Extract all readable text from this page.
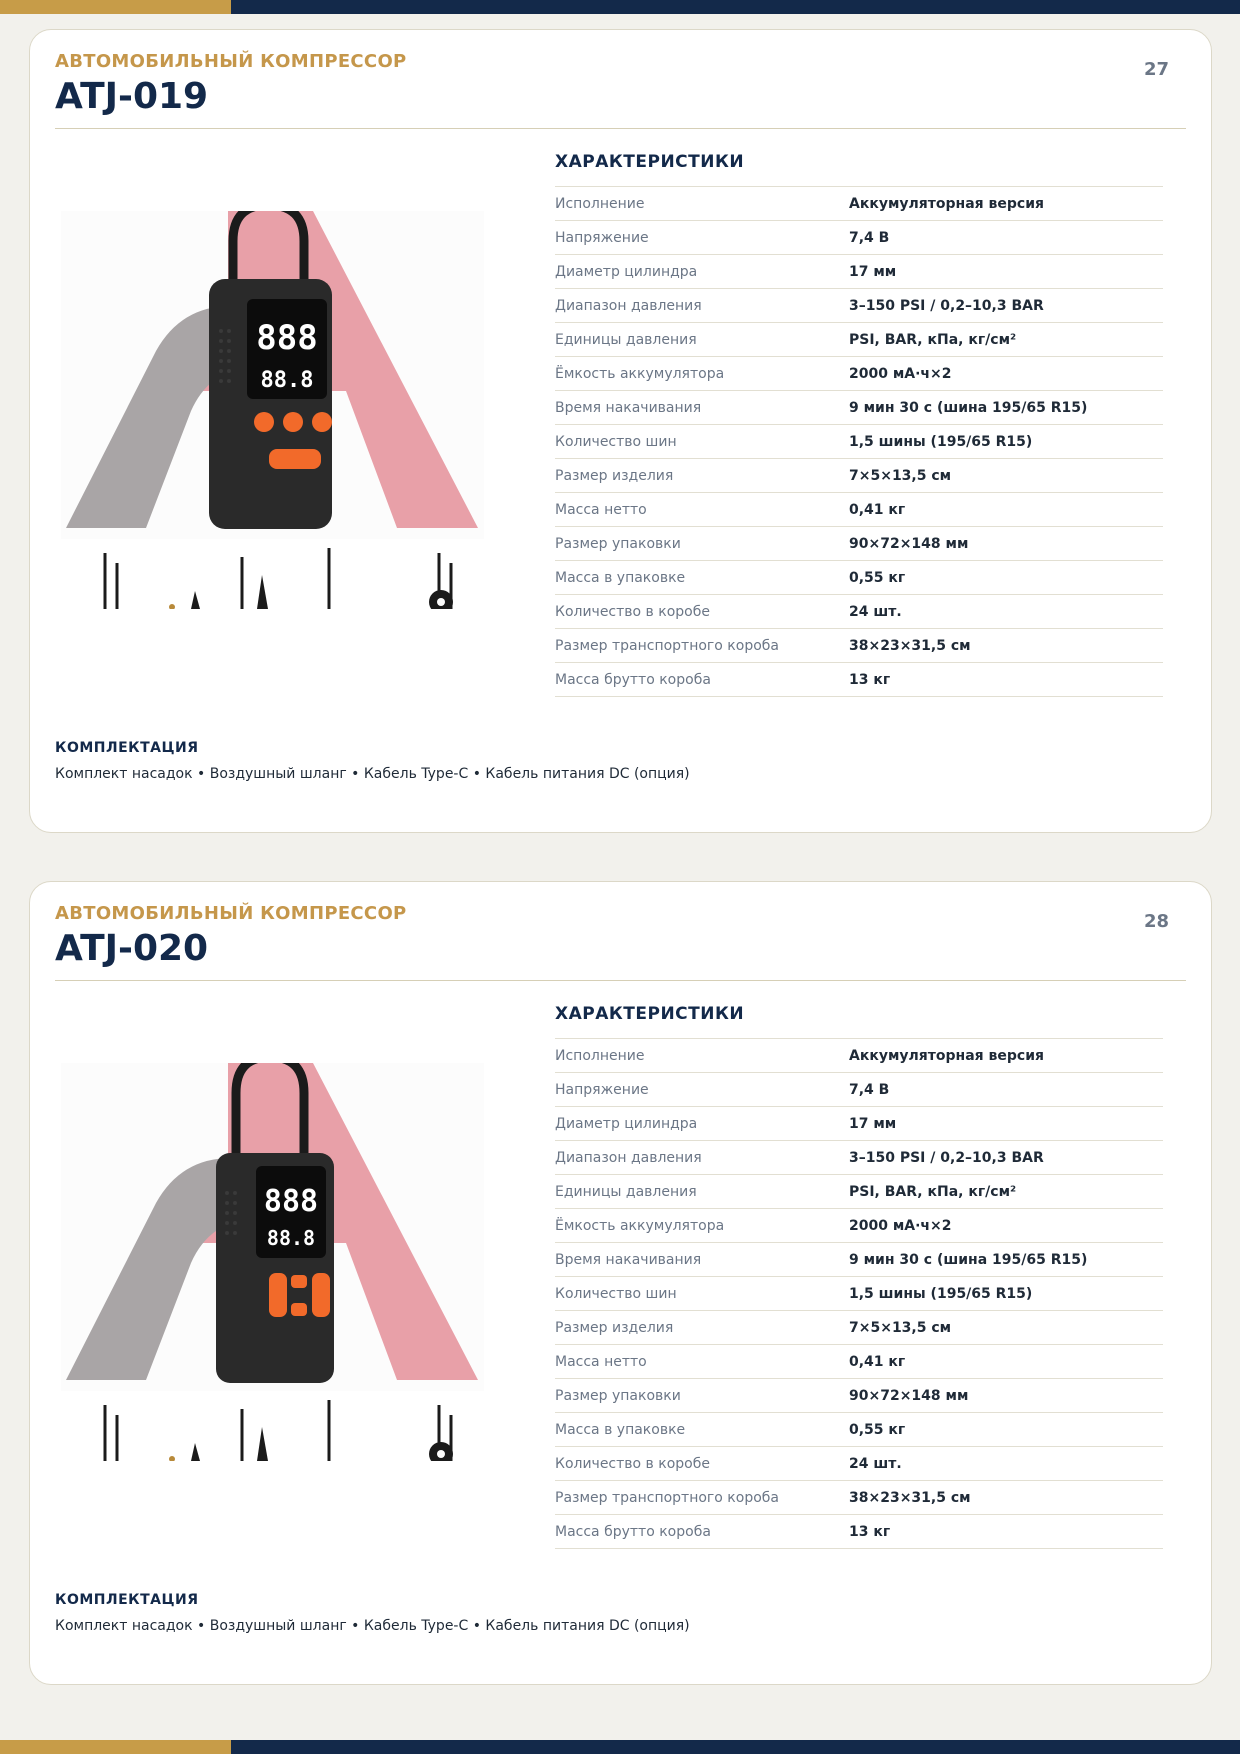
АВТОМОБИЛЬНЫЙ КОМПРЕССОР
ATJ-019
27
888
88.8
ХАРАКТЕРИСТИКИ
Исполнение	Аккумуляторная версия
Напряжение	7,4 В
Диаметр цилиндра	17 мм
Диапазон давления	3–150 PSI / 0,2–10,3 BAR
Единицы давления	PSI, BAR, кПа, кг/см²
Ёмкость аккумулятора	2000 мА·ч×2
Время накачивания	9 мин 30 с (шина 195/65 R15)
Количество шин	1,5 шины (195/65 R15)
Размер изделия	7×5×13,5 см
Масса нетто	0,41 кг
Размер упаковки	90×72×148 мм
Масса в упаковке	0,55 кг
Количество в коробе	24 шт.
Размер транспортного короба	38×23×31,5 см
Масса брутто короба	13 кг
КОМПЛЕКТАЦИЯ
Комплект насадок • Воздушный шланг • Кабель Type-C • Кабель питания DC (опция)
АВТОМОБИЛЬНЫЙ КОМПРЕССОР
ATJ-020
28
888
88.8
ХАРАКТЕРИСТИКИ
Исполнение	Аккумуляторная версия
Напряжение	7,4 В
Диаметр цилиндра	17 мм
Диапазон давления	3–150 PSI / 0,2–10,3 BAR
Единицы давления	PSI, BAR, кПа, кг/см²
Ёмкость аккумулятора	2000 мА·ч×2
Время накачивания	9 мин 30 с (шина 195/65 R15)
Количество шин	1,5 шины (195/65 R15)
Размер изделия	7×5×13,5 см
Масса нетто	0,41 кг
Размер упаковки	90×72×148 мм
Масса в упаковке	0,55 кг
Количество в коробе	24 шт.
Размер транспортного короба	38×23×31,5 см
Масса брутто короба	13 кг
КОМПЛЕКТАЦИЯ
Комплект насадок • Воздушный шланг • Кабель Type-C • Кабель питания DC (опция)
